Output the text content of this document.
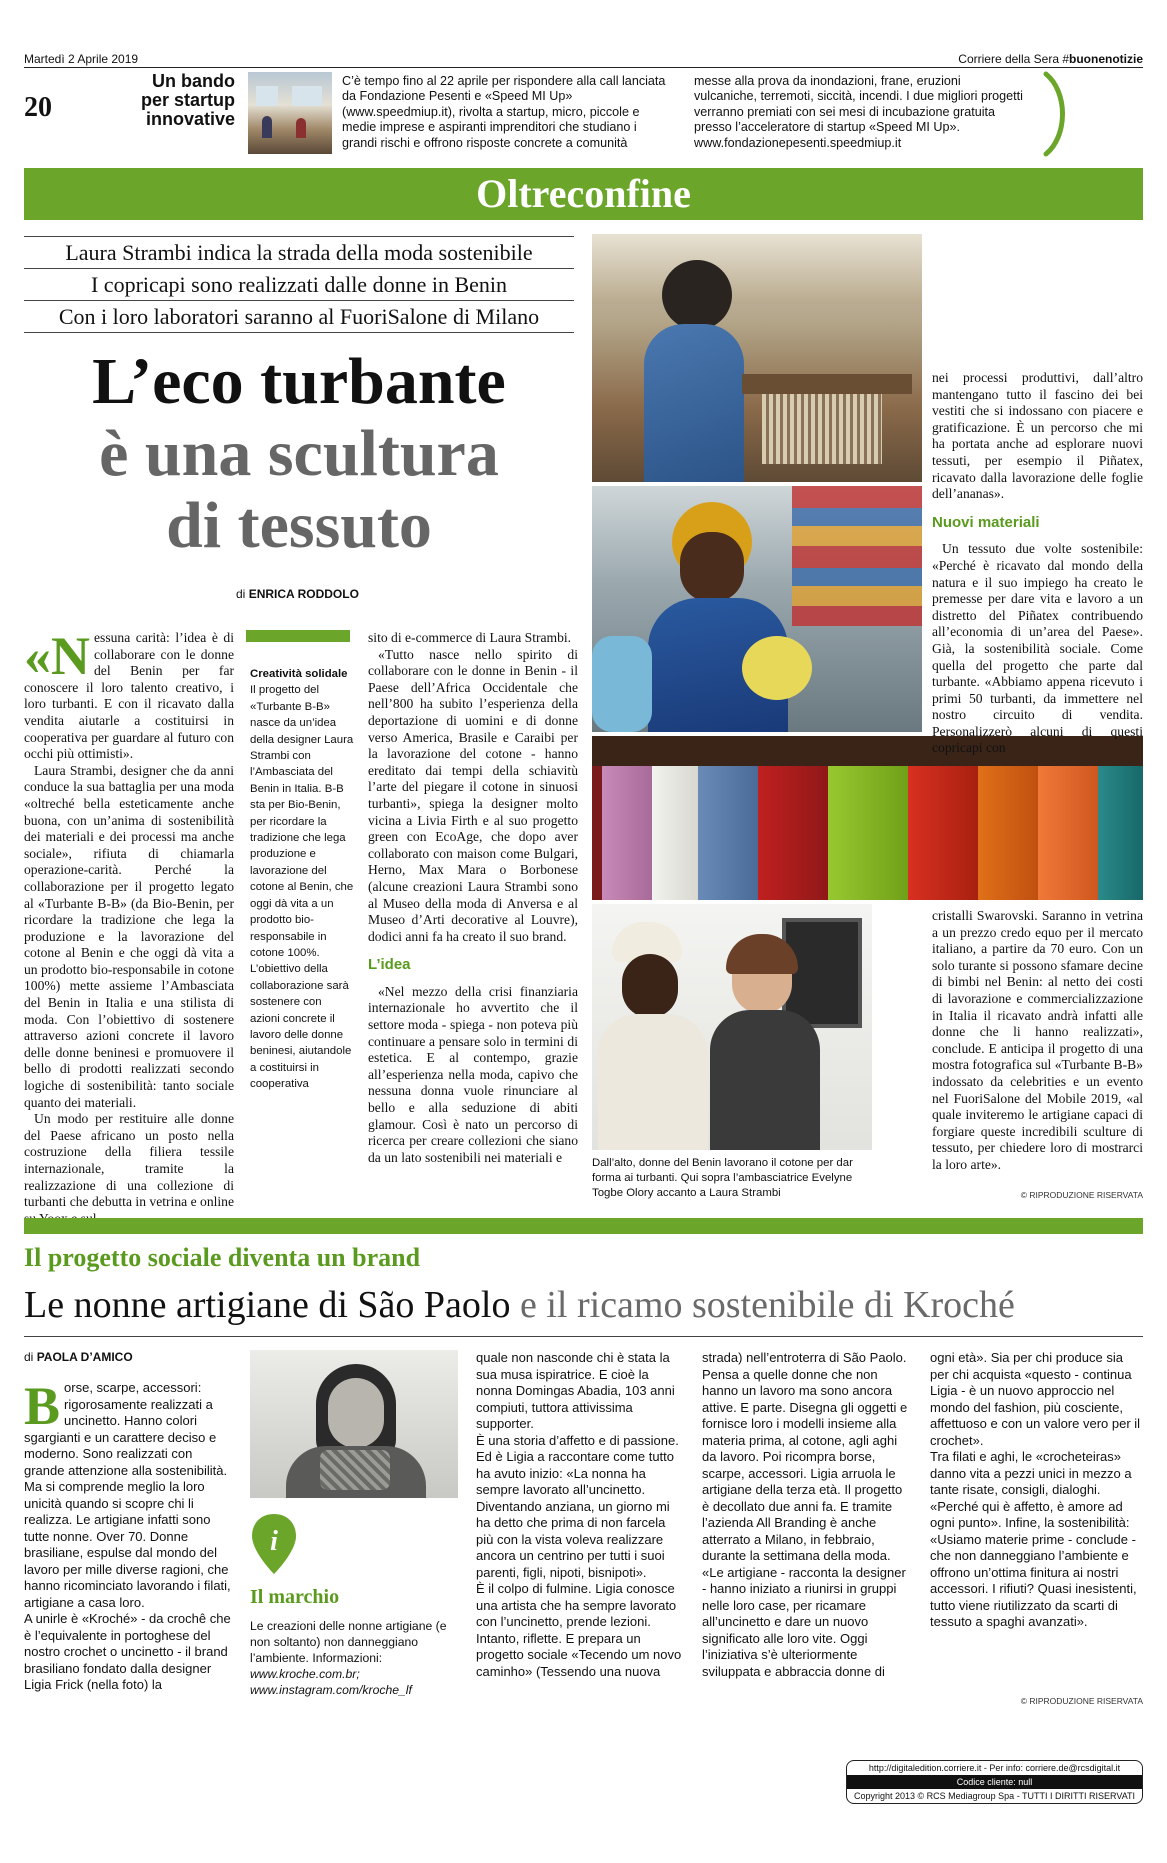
Martedì 2 Aprile 2019	Corriere della Sera #buonenotizie
20
Un bando
per startup
innovative
C’è tempo fino al 22 aprile per rispondere alla call lanciata da Fondazione Pesenti e «Speed MI Up» (www.speedmiup.it), rivolta a startup, micro, piccole e medie imprese e aspiranti imprenditori che studiano i grandi rischi e offrono risposte concrete a comunità
messe alla prova da inondazioni, frane, eruzioni vulcaniche, terremoti, siccità, incendi. I due migliori progetti verranno premiati con sei mesi di incubazione gratuita presso l’acceleratore di startup «Speed MI Up». www.fondazionepesenti.speedmiup.it
Oltreconfine
Laura Strambi indica la strada della moda sostenibile
I copricapi sono realizzati dalle donne in Benin
Con i loro laboratori saranno al FuoriSalone di Milano
L’eco turbante
è una scultura
di tessuto
di ENRICA RODDOLO
«N essuna carità: l’idea è di collaborare con le donne del Benin per far conoscere il loro talento creativo, i loro turbanti. E con il ricavato dalla vendita aiutarle a costituirsi in cooperativa per guardare al futuro con occhi più ottimisti».

Laura Strambi, designer che da anni conduce la sua battaglia per una moda «oltreché bella esteticamente anche buona, con un’anima di sostenibilità dei materiali e dei processi ma anche sociale», rifiuta di chiamarla operazione-carità. Perché la collaborazione per il progetto legato al «Turbante B-B» (da Bio-Benin, per ricordare la tradizione che lega la produzione e la lavorazione del cotone al Benin e che oggi dà vita a un prodotto bio-responsabile in cotone 100%) mette assieme l’Ambasciata del Benin in Italia e una stilista di moda. Con l’obiettivo di sostenere attraverso azioni concrete il lavoro delle donne beninesi e promuovere il bello di prodotti realizzati secondo logiche di sostenibilità: tanto sociale quanto dei materiali.

Un modo per restituire alle donne del Paese africano un posto nella costruzione della filiera tessile internazionale, tramite la realizzazione di una collezione di turbanti che debutta in vetrina e online

Creatività solidale
Il progetto del «Turbante B-B» nasce da un’idea della designer Laura Strambi con l’Ambasciata del Benin in Italia. B-B sta per Bio-Benin, per ricordare la tradizione che lega produzione e lavorazione del cotone al Benin, che oggi dà vita a un prodotto bio-responsabile in cotone 100%. L’obiettivo della collaborazione sarà sostenere con azioni concrete il lavoro delle donne beninesi, aiutandole a costituirsi in cooperativa

sito di e-commerce di Laura Strambi.

«Tutto nasce nello spirito di collaborare con le donne in Benin - il Paese dell’Africa Occidentale che nell’800 ha subito l’esperienza della deportazione di uomini e di donne verso America, Brasile e Caraibi per la lavorazione del cotone - hanno ereditato dai tempi della schiavitù l’arte del piegare il cotone in sinuosi turbanti», spiega la designer molto vicina a Livia Firth e al suo progetto green con EcoAge, che dopo aver collaborato con maison come Bulgari, Herno, Max Mara o Borbonese (alcune creazioni Laura Strambi sono al Museo della moda di Anversa e al Museo d’Arti decorative al Louvre), dodici anni fa ha creato il suo brand.

L’idea

«Nel mezzo della crisi finanziaria internazionale ho avvertito che il settore moda - spiega - non poteva più continuare a pensare solo in termini di estetica. E al contempo, grazie all’esperienza nella moda, capivo che nessuna donna vuole rinunciare al bello e alla seduzione di abiti glamour. Così è nato un percorso di ricerca per creare collezioni che siano da un lato sostenibili nei materiali e	Dall’alto, donne del Benin lavorano il cotone per dar forma ai turbanti. Qui sopra l’ambasciatrice Evelyne Togbe Olory accanto a Laura Strambi

nei processi produttivi, dall’altro mantengano tutto il fascino dei bei vestiti che si indossano con piacere e gratificazione. È un percorso che mi ha portata anche ad esplorare nuovi tessuti, per esempio il Piñatex, ricavato dalla lavorazione delle foglie dell’ananas».

Nuovi materiali

Un tessuto due volte sostenibile: «Perché è ricavato dal mondo della natura e il suo impiego ha creato le premesse per dare vita e lavoro a un distretto del Piñatex contribuendo all’economia di un’area del Paese». Già, la sostenibilità sociale. Come quella del progetto che parte dal turbante. «Abbiamo appena ricevuto i primi 50 turbanti, da immettere nel nostro circuito di vendita. Personalizzerò alcuni di questi copricapi con

cristalli Swarovski. Saranno in vetrina a un prezzo credo equo per il mercato italiano, a partire da 70 euro. Con un solo turante si possono sfamare decine di bimbi nel Benin: al netto dei costi di lavorazione e commercializzazione in Italia il ricavato andrà infatti alle donne che li hanno realizzati», conclude. E anticipa il progetto di una mostra fotografica sul «Turbante B-B» indossato da celebrities e un evento nel FuoriSalone del Mobile 2019, «al quale inviteremo le artigiane capaci di forgiare queste incredibili sculture di tessuto, per chiedere loro di mostrarci la loro arte».

© RIPRODUZIONE RISERVATA
Il progetto sociale diventa un brand
Le nonne artigiane di São Paolo e il ricamo sostenibile di Kroché
di PAOLA D’AMICO
B orse, scarpe, accessori: rigorosamente realizzati a uncinetto. Hanno colori sgargianti e un carattere deciso e moderno. Sono realizzati con grande attenzione alla sostenibilità. Ma si comprende meglio la loro unicità quando si scopre chi li realizza. Le artigiane infatti sono tutte nonne. Over 70. Donne brasiliane, espulse dal mondo del lavoro per mille diverse ragioni, che hanno ricominciato lavorando i filati, artigiane a casa loro.

A unirle è «Kroché» - da crochê che è l’equivalente in portoghese del nostro crochet o uncinetto - il brand brasiliano fondato dalla designer Ligia Frick (nella foto) la

i
Il marchio
Le creazioni delle nonne artigiane (e non soltanto) non danneggiano l’ambiente. Informazioni:
www.kroche.com.br;
www.instagram.com/kroche_lf

quale non nasconde chi è stata la sua musa ispiratrice. E cioè la nonna Domingas Abadia, 103 anni compiuti, tuttora attivissima supporter.

È una storia d’affetto e di passione. Ed è Ligia a raccontare come tutto ha avuto inizio: «La nonna ha sempre lavorato all’uncinetto. Diventando anziana, un giorno mi ha detto che prima di non farcela più con la vista voleva realizzare ancora un centrino per tutti i suoi parenti, figli, nipoti, bisnipoti».

È il colpo di fulmine. Ligia conosce una artista che ha sempre lavorato con l’uncinetto, prende lezioni. Intanto, riflette. E prepara un progetto sociale «Tecendo um novo caminho» (Tessendo una nuova

strada) nell’entroterra di São Paolo. Pensa a quelle donne che non hanno un lavoro ma sono ancora attive. E parte. Disegna gli oggetti e fornisce loro i modelli insieme alla materia prima, al cotone, agli aghi da lavoro. Poi ricompra borse, scarpe, accessori. Ligia arruola le artigiane della terza età. Il progetto è decollato due anni fa. E tramite l’azienda All Branding è anche atterrato a Milano, in febbraio, durante la settimana della moda.

«Le artigiane - racconta la designer - hanno iniziato a riunirsi in gruppi nelle loro case, per ricamare all’uncinetto e dare un nuovo significato alle loro vite. Oggi l’iniziativa s’è ulteriormente sviluppata e abbraccia donne di

ogni età». Sia per chi produce sia per chi acquista «questo - continua Ligia - è un nuovo approccio nel mondo del fashion, più cosciente, affettuoso e con un valore vero per il crochet».

Tra filati e aghi, le «crocheteiras» danno vita a pezzi unici in mezzo a tante risate, consigli, dialoghi. «Perché qui è affetto, è amore ad ogni punto». Infine, la sostenibilità: «Usiamo materie prime - conclude - che non danneggiano l’ambiente e offrono un’ottima finitura ai nostri accessori. I rifiuti? Quasi inesistenti, tutto viene riutilizzato da scarti di tessuto a spaghi avanzati».

© RIPRODUZIONE RISERVATA
http://digitaledition.corriere.it - Per info: corriere.de@rcsdigital.it
Codice cliente: null
Copyright 2013 © RCS Mediagroup Spa - TUTTI I DIRITTI RISERVATI
